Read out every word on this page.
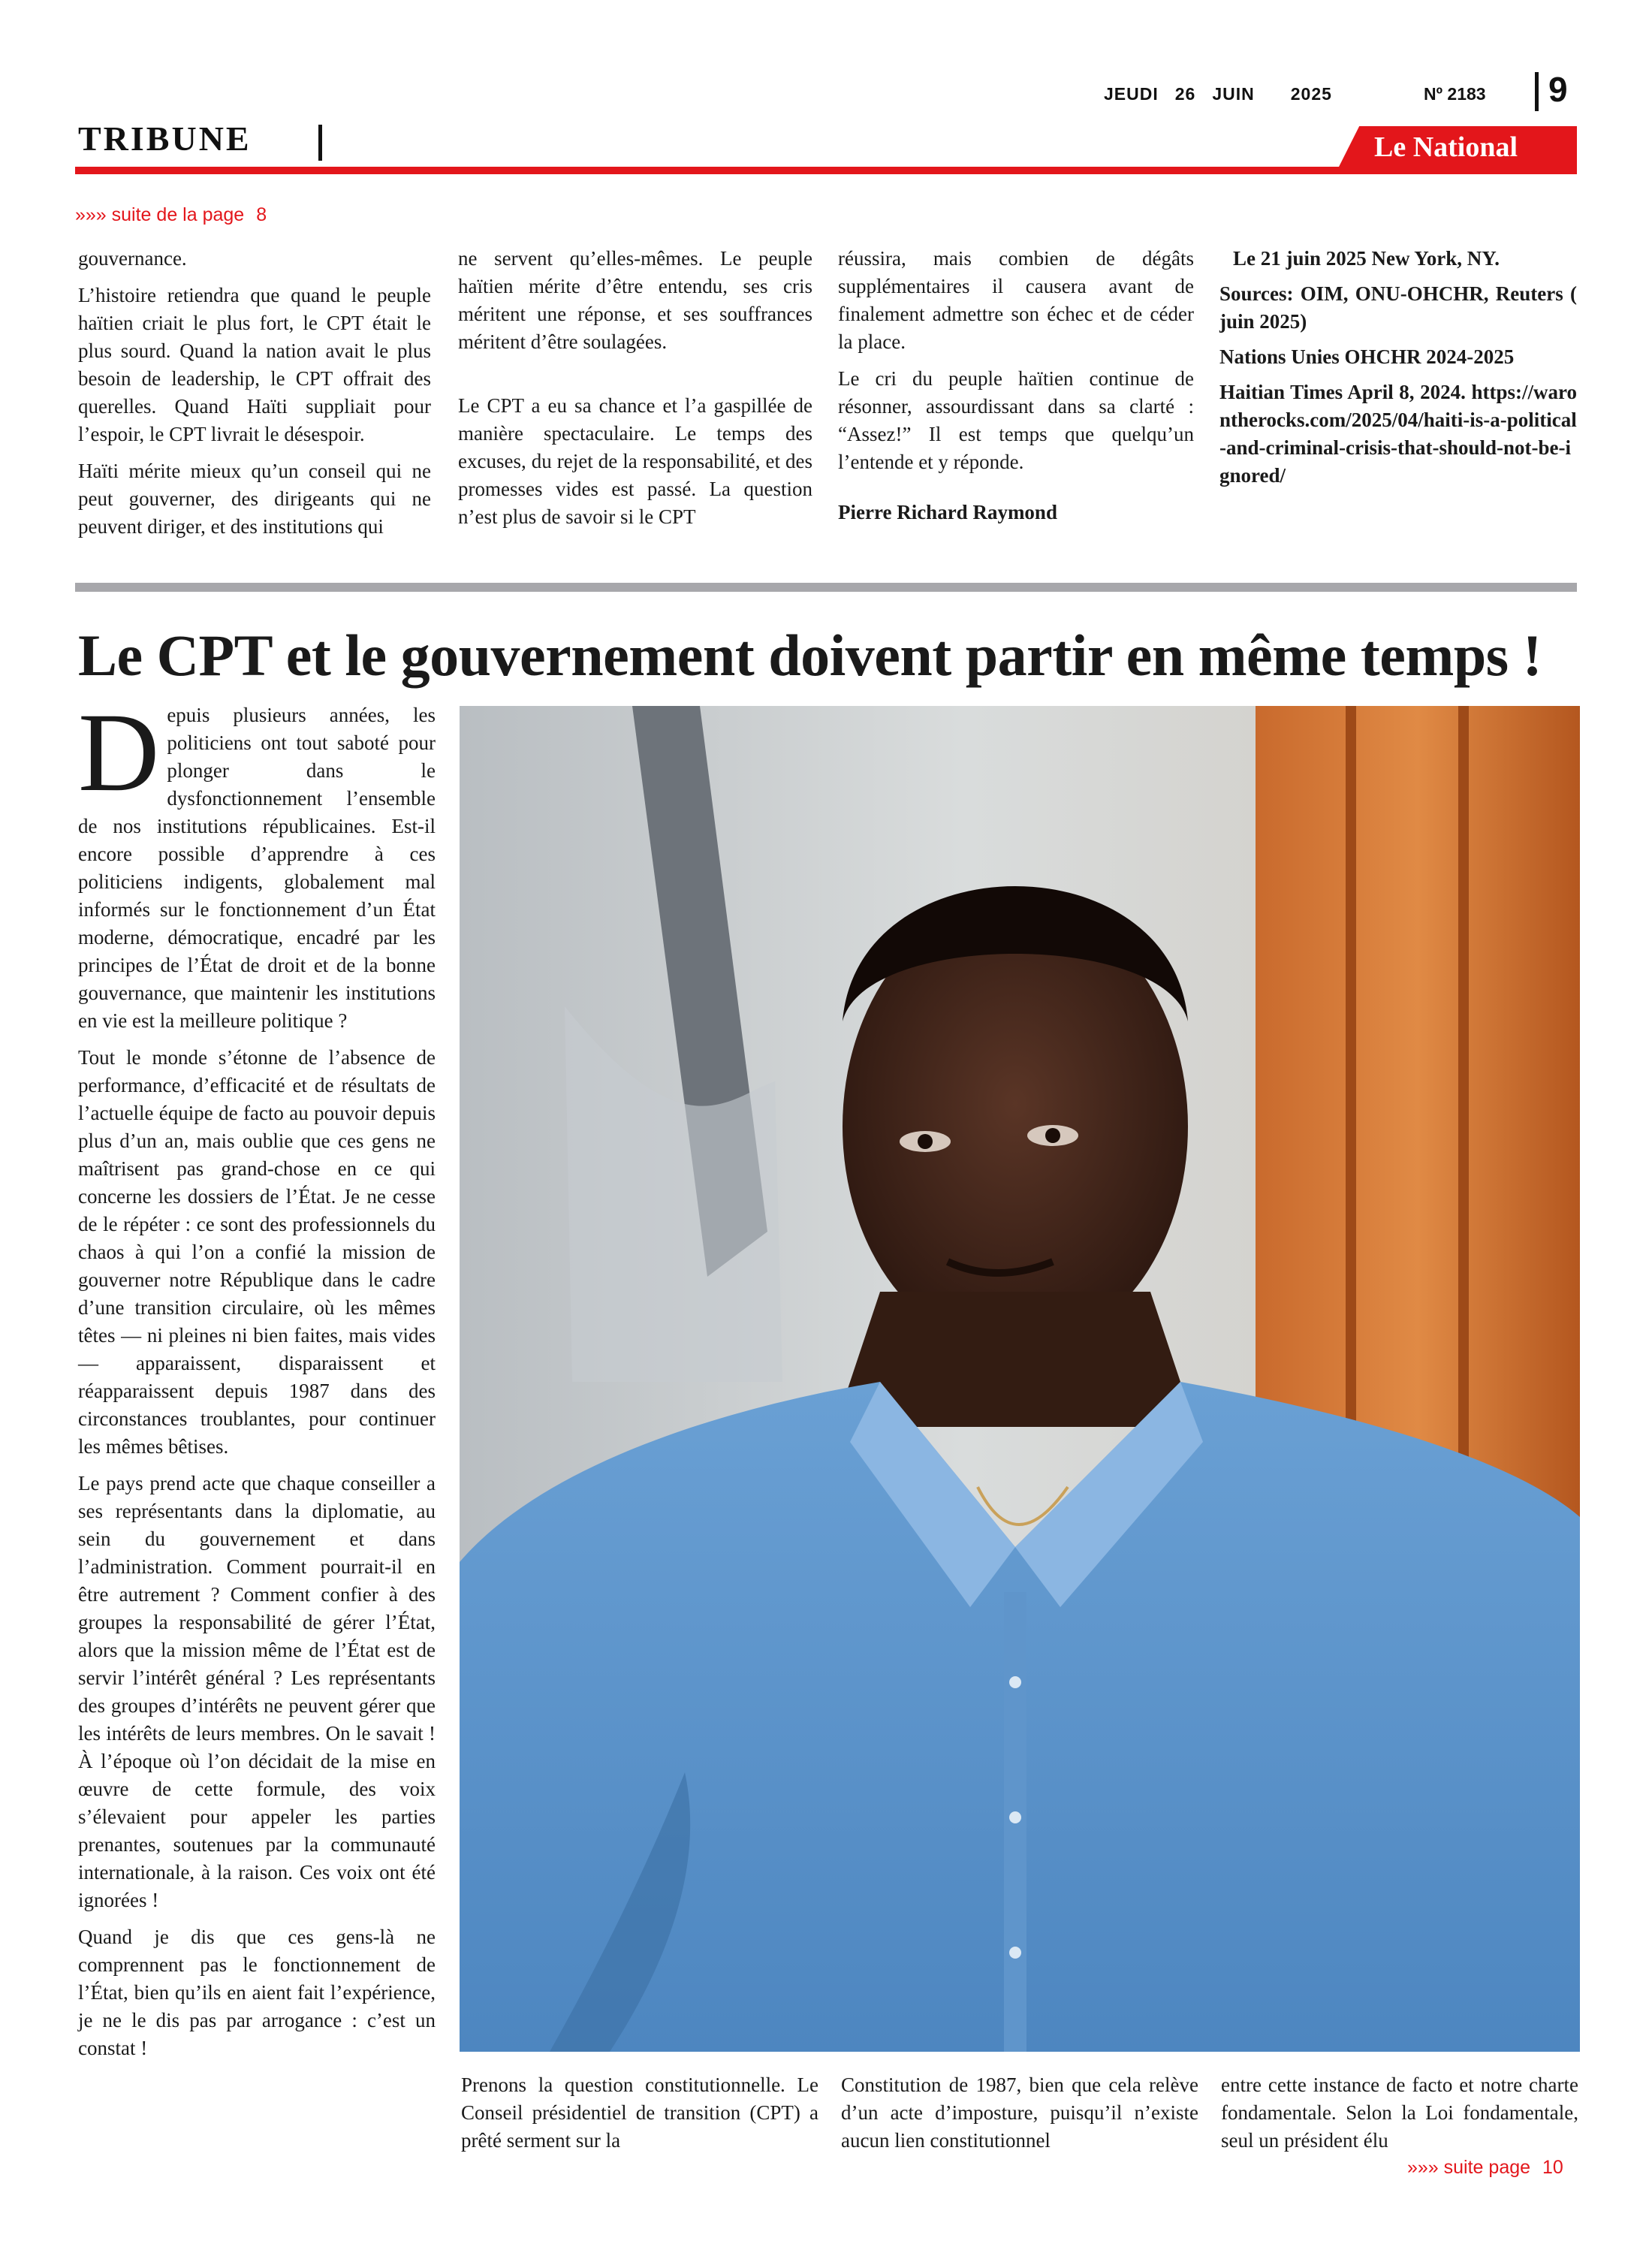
JEUDI 26 JUIN 2025	Nº 2183 9
TRIBUNE	Le National
»»» suite de la page 8

gouvernance.

L’histoire retiendra que quand le peuple haïtien criait le plus fort, le CPT était le plus sourd. Quand la nation avait le plus besoin de leadership, le CPT offrait des querelles. Quand Haïti suppliait pour l’espoir, le CPT livrait le désespoir.

Haïti mérite mieux qu’un conseil qui ne peut gouverner, des dirigeants qui ne peuvent diriger, et des institutions qui

ne servent qu’elles-mêmes. Le peuple haïtien mérite d’être entendu, ses cris méritent une réponse, et ses souffrances méritent d’être soulagées.

Le CPT a eu sa chance et l’a gaspillée de manière spectaculaire. Le temps des excuses, du rejet de la responsabilité, et des promesses vides est passé. La question n’est plus de savoir si le CPT

réussira, mais combien de dégâts supplémentaires il causera avant de finalement admettre son échec et de céder la place.

Le cri du peuple haïtien continue de résonner, assourdissant dans sa clarté : “Assez!” Il est temps que quelqu’un l’entende et y réponde.

Pierre Richard Raymond

Le 21 juin 2025 New York, NY.

Sources: OIM, ONU-OHCHR, Reuters ( juin 2025)

Nations Unies OHCHR 2024-2025

Haitian Times April 8, 2024. https://warontherocks.com/2025/04/haiti-is-a-political-and-criminal-crisis-that-should-not-be-ignored/

Le CPT et le gouvernement doivent partir en même temps !

Depuis plusieurs années, les politiciens ont tout saboté pour plonger dans le dysfonctionnement l’ensemble de nos institutions républicaines. Est-il encore possible d’apprendre à ces politiciens indigents, globalement mal informés sur le fonctionnement d’un État moderne, démocratique, encadré par les principes de l’État de droit et de la bonne gouvernance, que maintenir les institutions en vie est la meilleure politique ?

Tout le monde s’étonne de l’absence de performance, d’efficacité et de résultats de l’actuelle équipe de facto au pouvoir depuis plus d’un an, mais oublie que ces gens ne maîtrisent pas grand-chose en ce qui concerne les dossiers de l’État. Je ne cesse de le répéter : ce sont des professionnels du chaos à qui l’on a confié la mission de gouverner notre République dans le cadre d’une transition circulaire, où les mêmes têtes — ni pleines ni bien faites, mais vides — apparaissent, disparaissent et réapparaissent depuis 1987 dans des circonstances troublantes, pour continuer les mêmes bêtises.

Le pays prend acte que chaque conseiller a ses représentants dans la diplomatie, au sein du gouvernement et dans l’administration. Comment pourrait-il en être autrement ? Comment confier à des groupes la responsabilité de gérer l’État, alors que la mission même de l’État est de servir l’intérêt général ? Les représentants des groupes d’intérêts ne peuvent gérer que les intérêts de leurs membres. On le savait ! À l’époque où l’on décidait de la mise en œuvre de cette formule, des voix s’élevaient pour appeler les parties prenantes, soutenues par la communauté internationale, à la raison. Ces voix ont été ignorées !

Quand je dis que ces gens-là ne comprennent pas le fonctionnement de l’État, bien qu’ils en aient fait l’expérience, je ne le dis pas par arrogance : c’est un constat !

Prenons la question constitutionnelle. Le Conseil présidentiel de transition (CPT) a prêté serment sur la
Constitution de 1987, bien que cela relève d’un acte d’imposture, puisqu’il n’existe aucun lien constitutionnel
entre cette instance de facto et notre charte fondamentale. Selon la Loi fondamentale, seul un président élu
»»» suite page 10
